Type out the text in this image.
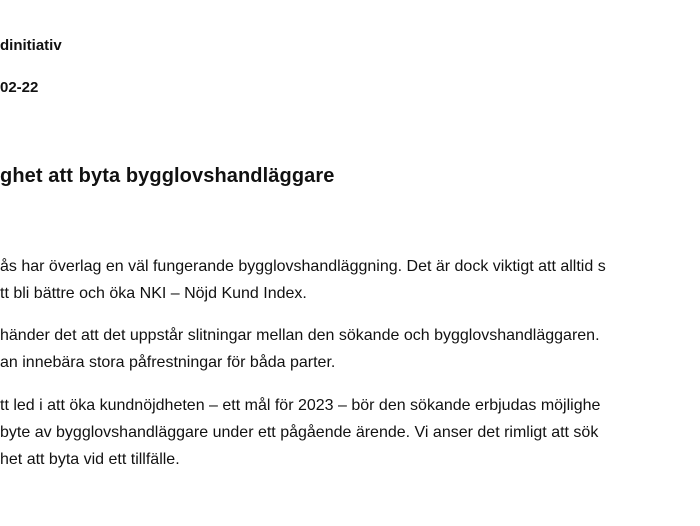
dinitiativ
02-22
ghet att byta bygglovshandläggare
ås har överlag en väl fungerande bygglovshandläggning. Det är dock viktigt att alltid s
tt bli bättre och öka NKI – Nöjd Kund Index.
händer det att det uppstår slitningar mellan den sökande och bygglovshandläggaren.
an innebära stora påfrestningar för båda parter.
tt led i att öka kundnöjdheten – ett mål för 2023 – bör den sökande erbjudas möjlighe
byte av bygglovshandläggare under ett pågående ärende. Vi anser det rimligt att sök
het att byta vid ett tillfälle.
